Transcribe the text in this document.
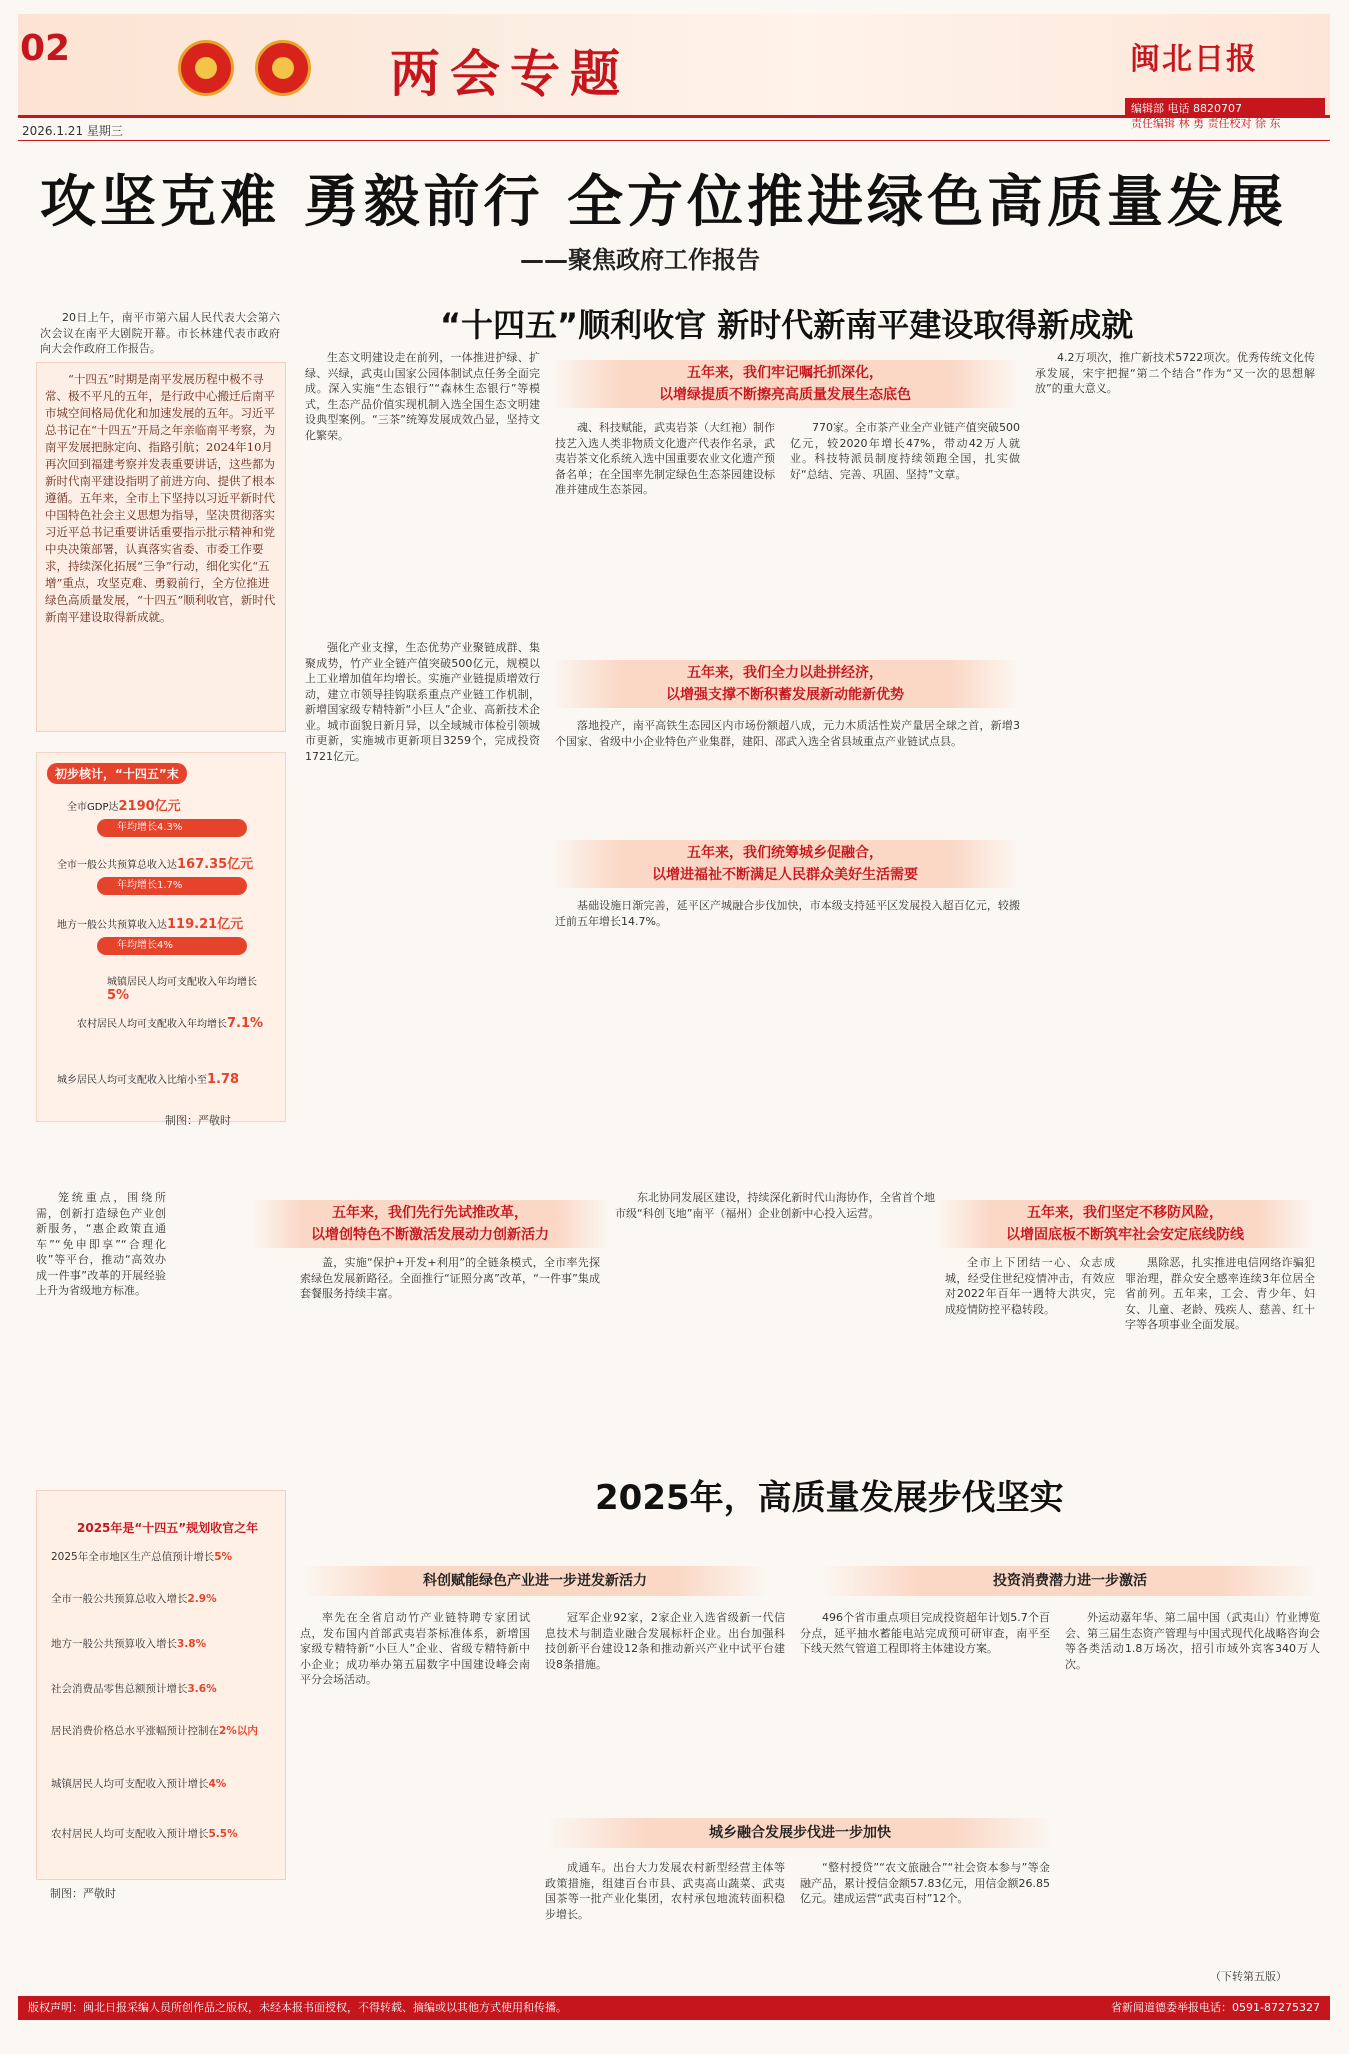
02	两会专题	闽北日报
编辑部 电话 8820707
责任编辑 林 勇 责任校对 徐 东
2026.1.21 星期三
攻坚克难 勇毅前行 全方位推进绿色高质量发展
——聚焦政府工作报告
“十四五”顺利收官 新时代新南平建设取得新成就

20日上午，南平市第六届人民代表大会第六次会议在南平大剧院开幕。市长林建代表市政府向大会作政府工作报告。

“十四五”时期是南平发展历程中极不寻常、极不平凡的五年，是行政中心搬迁后南平市城空间格局优化和加速发展的五年。习近平总书记在“十四五”开局之年亲临南平考察，为南平发展把脉定向、指路引航；2024年10月再次回到福建考察并发表重要讲话，这些都为新时代南平建设指明了前进方向、提供了根本遵循。五年来，全市上下坚持以习近平新时代中国特色社会主义思想为指导，坚决贯彻落实习近平总书记重要讲话重要指示批示精神和党中央决策部署，认真落实省委、市委工作要求，持续深化拓展“三争”行动，细化实化“五增”重点，攻坚克难、勇毅前行，全方位推进绿色高质量发展，“十四五”顺利收官，新时代新南平建设取得新成就。

初步核计，“十四五”末
全市GDP达2190亿元
年均增长4.3%
全市一般公共预算总收入达167.35亿元
年均增长1.7%
地方一般公共预算收入达119.21亿元
年均增长4%
城镇居民人均可支配收入年均增长5%
农村居民人均可支配收入年均增长7.1%
城乡居民人均可支配收入比缩小至1.78
制图：严敬时

生态文明建设走在前列，一体推进护绿、扩绿、兴绿，武夷山国家公园体制试点任务全面完成。深入实施“生态银行”“森林生态银行”等模式，生态产品价值实现机制入选全国生态文明建设典型案例。“三茶”统筹发展成效凸显，坚持文化繁荣。

强化产业支撑，生态优势产业聚链成群、集聚成势，竹产业全链产值突破500亿元，规模以上工业增加值年均增长。实施产业链提质增效行动，建立市领导挂钩联系重点产业链工作机制，新增国家级专精特新“小巨人”企业、高新技术企业。城市面貌日新月异，以全域城市体检引领城市更新，实施城市更新项目3259个，完成投资1721亿元。

五年来，我们牢记嘱托抓深化，
以增绿提质不断擦亮高质量发展生态底色

魂、科技赋能，武夷岩茶（大红袍）制作技艺入选人类非物质文化遗产代表作名录，武夷岩茶文化系统入选中国重要农业文化遗产预备名单；在全国率先制定绿色生态茶园建设标准并建成生态茶园。

770家。全市茶产业全产业链产值突破500亿元，较2020年增长47%，带动42万人就业。科技特派员制度持续领跑全国，扎实做好“总结、完善、巩固、坚持”文章。

4.2万项次，推广新技术5722项次。优秀传统文化传承发展，宋宇把握“第二个结合”作为“又一次的思想解放”的重大意义。

五年来，我们全力以赴拼经济，
以增强支撑不断积蓄发展新动能新优势

落地投产，南平高铁生态园区内市场份额超八成，元力木质活性炭产量居全球之首，新增3个国家、省级中小企业特色产业集群，建阳、邵武入选全省县域重点产业链试点县。

五年来，我们统筹城乡促融合，
以增进福祉不断满足人民群众美好生活需要

基础设施日渐完善，延平区产城融合步伐加快，市本级支持延平区发展投入超百亿元，较搬迁前五年增长14.7%。

笼统重点，围绕所需，创新打造绿色产业创新服务，“惠企政策直通车”“免申即享”“合理化收”等平台，推动“高效办成一件事”改革的开展经验上升为省级地方标准。

五年来，我们先行先试推改革，
以增创特色不断激活发展动力创新活力

盖，实施“保护+开发+利用”的全链条模式，全市率先探索绿色发展新路径。全面推行“证照分离”改革，“一件事”集成套餐服务持续丰富。

东北协同发展区建设，持续深化新时代山海协作，全省首个地市级“科创飞地”南平（福州）企业创新中心投入运营。	五年来，我们坚定不移防风险，
以增固底板不断筑牢社会安定底线防线

全市上下团结一心、众志成城，经受住世纪疫情冲击，有效应对2022年百年一遇特大洪灾，完成疫情防控平稳转段。

黑除恶，扎实推进电信网络诈骗犯罪治理，群众安全感率连续3年位居全省前列。五年来，工会、青少年、妇女、儿童、老龄、残疾人、慈善、红十字等各项事业全面发展。

2025年，高质量发展步伐坚实
2025年是“十四五”规划收官之年
2025年全市地区生产总值预计增长5%
全市一般公共预算总收入增长2.9%
地方一般公共预算收入增长3.8%
社会消费品零售总额预计增长3.6%
居民消费价格总水平涨幅预计控制在2%以内
城镇居民人均可支配收入预计增长4%
农村居民人均可支配收入预计增长5.5%
制图：严敬时
科创赋能绿色产业进一步迸发新活力	投资消费潜力进一步激活

率先在全省启动竹产业链特聘专家团试点，发布国内首部武夷岩茶标准体系，新增国家级专精特新“小巨人”企业、省级专精特新中小企业；成功举办第五届数字中国建设峰会南平分会场活动。

冠军企业92家，2家企业入选省级新一代信息技术与制造业融合发展标杆企业。出台加强科技创新平台建设12条和推动新兴产业中试平台建设8条措施。

496个省市重点项目完成投资超年计划5.7个百分点，延平抽水蓄能电站完成预可研审查，南平至下线天然气管道工程即将主体建设方案。

外运动嘉年华、第二届中国（武夷山）竹业博览会、第三届生态资产管理与中国式现代化战略咨询会等各类活动1.8万场次，招引市域外宾客340万人次。

城乡融合发展步伐进一步加快

成通车。出台大力发展农村新型经营主体等政策措施，组建百台市县、武夷高山蔬菜、武夷国茶等一批产业化集团，农村承包地流转面积稳步增长。

“整村授贷”“农文旅融合”“社会资本参与”等金融产品，累计授信金额57.83亿元，用信金额26.85亿元。建成运营“武夷百村”12个。

（下转第五版）
版权声明：闽北日报采编人员所创作品之版权，未经本报书面授权，不得转载、摘编或以其他方式使用和传播。	省新闻道德委举报电话：0591-87275327
